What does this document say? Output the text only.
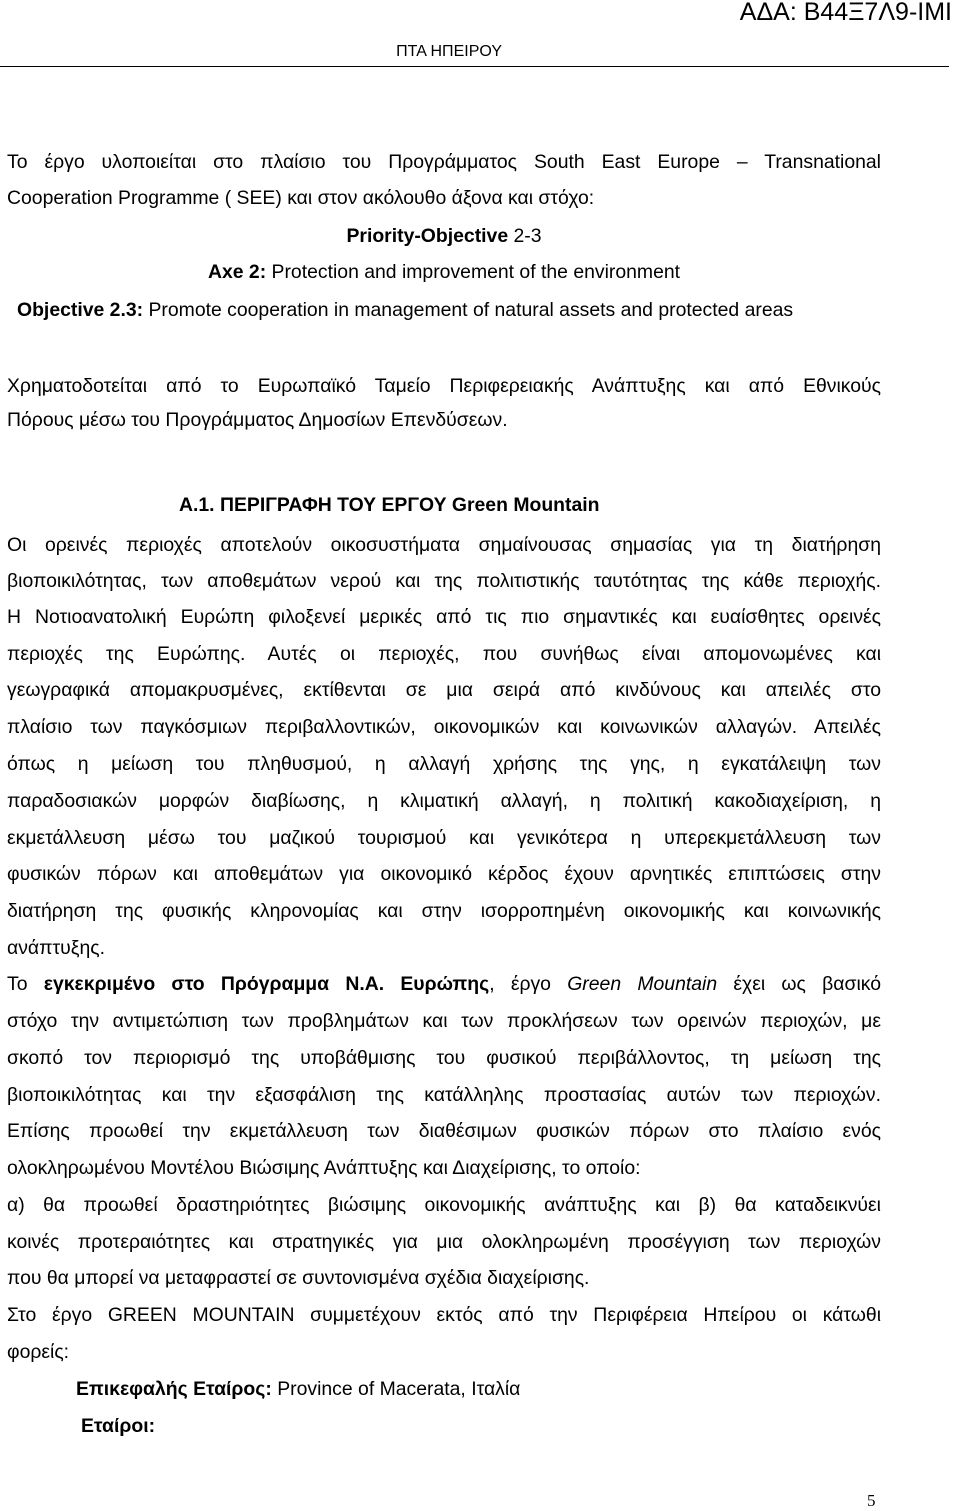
ΑΔΑ: Β44Ξ7Λ9-ΙΜΙ
ΠΤΑ ΗΠΕΙΡΟΥ
Το έργο υλοποιείται στο πλαίσιο του Προγράμματος South East Europe – Transnational
Cooperation Programme ( SEE) και στον ακόλουθο άξονα και στόχο:
Priority-Objective 2-3
Axe 2: Protection and improvement of the environment
Objective 2.3: Promote cooperation in management of natural assets and protected areas
Χρηματοδοτείται από το Ευρωπαϊκό Ταμείο Περιφερειακής Ανάπτυξης και από Εθνικούς
Πόρους μέσω του Προγράμματος Δημοσίων Επενδύσεων.
Α.1. ΠΕΡΙΓΡΑΦΗ ΤΟΥ ΕΡΓΟΥ Green Mountain
Οι ορεινές περιοχές αποτελούν οικοσυστήματα σημαίνουσας σημασίας για τη διατήρηση
βιοποικιλότητας, των αποθεμάτων νερού και της πολιτιστικής ταυτότητας της κάθε περιοχής.
Η Νοτιοανατολική Ευρώπη φιλοξενεί μερικές από τις πιο σημαντικές και ευαίσθητες ορεινές
περιοχές της Ευρώπης. Αυτές οι περιοχές, που συνήθως είναι απομονωμένες και
γεωγραφικά απομακρυσμένες, εκτίθενται σε μια σειρά από κινδύνους και απειλές στο
πλαίσιο των παγκόσμιων περιβαλλοντικών, οικονομικών και κοινωνικών αλλαγών. Απειλές
όπως η μείωση του πληθυσμού, η αλλαγή χρήσης της γης, η εγκατάλειψη των
παραδοσιακών μορφών διαβίωσης, η κλιματική αλλαγή, η πολιτική κακοδιαχείριση, η
εκμετάλλευση μέσω του μαζικού τουρισμού και γενικότερα η υπερεκμετάλλευση των
φυσικών πόρων και αποθεμάτων για οικονομικό κέρδος έχουν αρνητικές επιπτώσεις στην
διατήρηση της φυσικής κληρονομίας και στην ισορροπημένη οικονομικής και κοινωνικής
ανάπτυξης.
Το εγκεκριμένο στο Πρόγραμμα Ν.Α. Ευρώπης, έργο Green Mountain έχει ως βασικό
στόχο την αντιμετώπιση των προβλημάτων και των προκλήσεων των ορεινών περιοχών, με
σκοπό τον περιορισμό της υποβάθμισης του φυσικού περιβάλλοντος, τη μείωση της
βιοποικιλότητας και την εξασφάλιση της κατάλληλης προστασίας αυτών των περιοχών.
Επίσης προωθεί την εκμετάλλευση των διαθέσιμων φυσικών πόρων στο πλαίσιο ενός
ολοκληρωμένου Μοντέλου Βιώσιμης Ανάπτυξης και Διαχείρισης, το οποίο:
α) θα προωθεί δραστηριότητες βιώσιμης οικονομικής ανάπτυξης και β) θα καταδεικνύει
κοινές προτεραιότητες και στρατηγικές για μια ολοκληρωμένη προσέγγιση των περιοχών
που θα μπορεί να μεταφραστεί σε συντονισμένα σχέδια διαχείρισης.
Στο έργο GREEN MOUNTAIN συμμετέχουν εκτός από την Περιφέρεια Ηπείρου οι κάτωθι
φορείς:
Επικεφαλής Εταίρος: Province of Macerata, Ιταλία
Εταίροι:
5
